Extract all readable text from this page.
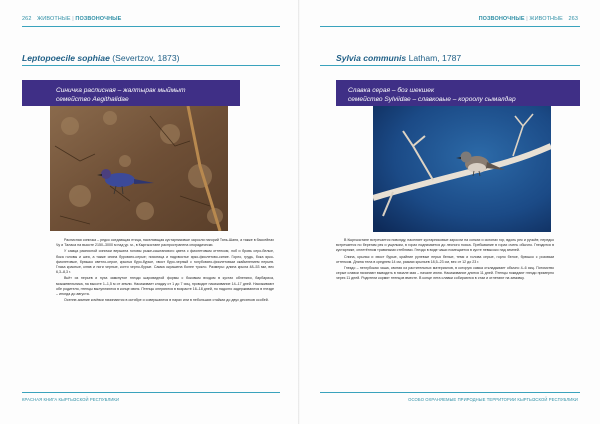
262 ЖИВОТНЫЕ | ПОЗВОНОЧНЫЕ
Leptopoecile sophiae (Severtzov, 1873)
Синичка расписная – жалтырак мыймыт
семейство Aegithalidae

Расписная синичка – редко оседающая птица, населяющая кустарниковые заросли нагорий Тянь-Шаня, а также в бассейнах Чу и Таласа на высоте 2150–3000 м над ур. м., в Кыргызстане распространена спорадически.

У самца расписной синички вершина головы рыже-каштанового цвета с фиолетовым оттенком, лоб и бровь серо-белые, бока головы и шея, а также спина буровато-серые; поясница и надхвостье ярко-фиолетово-синие. Горло, грудь, бока ярко-фиолетовые, брюшко светло-серое, крылья буро-бурые, хвост буро-черный с голубовато-фиолетовым окаймлением перьев. Глаза красные, клюв и ноги черные, когти черно-бурые. Самка окрашена более тускло. Размеры: длина крыла 48–53 мм, вес 6,3–8,3 г.

Вьёт из перьев и пуха замкнутое гнездо шаровидной формы с боковым входом в кустах облепихи, барбариса, можжевельника, на высоте 1–1,5 м от земли. Насиживает кладку от 1 до 7 яиц, проводит насиживание 14–17 дней. Насиживают обе родителя, птенцы вылупляются в конце июня. Птенцы оперяются в возрасте 16–18 дней, но надолго задерживаются в гнезде – иногда до августа.

Осенне-зимние кочёвки начинаются в октябре и совершаются в парах или в небольших стайках до двух десятков особей.

КРАСНАЯ КНИГА КЫРГЫЗСКОЙ РЕСПУБЛИКИ
ПОЗВОНОЧНЫЕ | ЖИВОТНЫЕ 263
Sylvia communis Latham, 1787
Славка серая – боз шекшек
семейство Sylviidae – славковые – короолу сымалдар

В Кыргызстане встречается повсюду, населяет кустарниковые заросли на сопках и склонах гор, вдоль рек и ручьёв; нередко встречается по берегам рек и ущельям, в горах поднимается до лесного пояса. Пребывание в горах очень обычно. Гнездится в кустарнике, сплетённом травяными стеблями. Гнездо в виде чаши помещается в кусте невысоко над землей.

Спина, крылья и хвост бурые, крайние рулевые перья белые, темя и голова серые, горло белое, брюшко с розовым оттенком. Длина тела в среднем 14 см, размах крыльев 18,5–23 см, вес от 12 до 23 г.

Гнездо – неглубокая чаша, свитая из растительных материалов, в которую самка откладывает обычно 4–6 яиц. Потомство серые славки начинают выводить в начале мая – начале июня. Насиживание длится 11 дней. Птенцы покидают гнездо примерно через 11 дней. Родители кормят птенцов вместе. В конце лета славки собираются в стаи и отлетают на зимовку.

ОСОБО ОХРАНЯЕМЫЕ ПРИРОДНЫЕ ТЕРРИТОРИИ КЫРГЫЗСКОЙ РЕСПУБЛИКИ
